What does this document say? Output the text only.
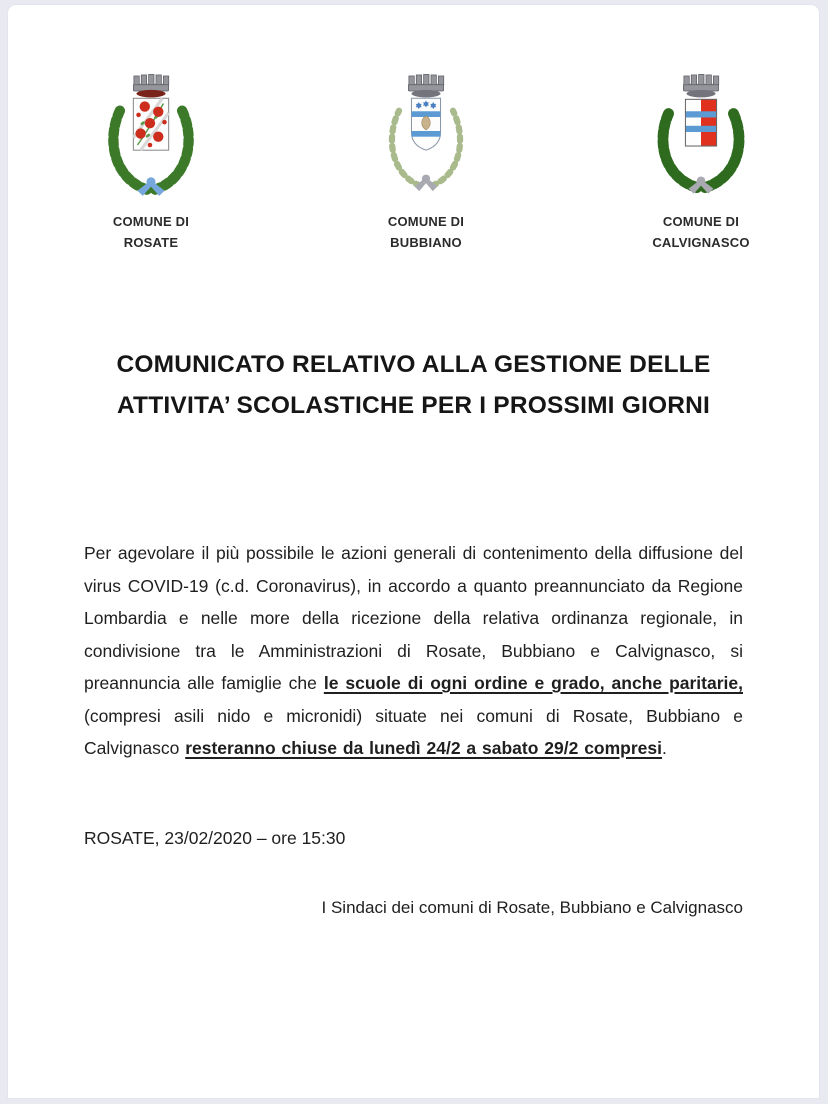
COMUNE DI
ROSATE
COMUNE DI
BUBBIANO
COMUNE DI
CALVIGNASCO
COMUNICATO RELATIVO ALLA GESTIONE DELLE
ATTIVITA’ SCOLASTICHE PER I PROSSIMI GIORNI

Per agevolare il più possibile le azioni generali di contenimento della diffusione del virus COVID-19 (c.d. Coronavirus), in accordo a quanto preannunciato da Regione Lombardia e nelle more della ricezione della relativa ordinanza regionale, in condivisione tra le Amministrazioni di Rosate, Bubbiano e Calvignasco, si preannuncia alle famiglie che le scuole di ogni ordine e grado, anche paritarie, (compresi asili nido e micronidi) situate nei comuni di Rosate, Bubbiano e Calvignasco resteranno chiuse da lunedì 24/2 a sabato 29/2 compresi.

ROSATE, 23/02/2020 – ore 15:30

I Sindaci dei comuni di Rosate, Bubbiano e Calvignasco
